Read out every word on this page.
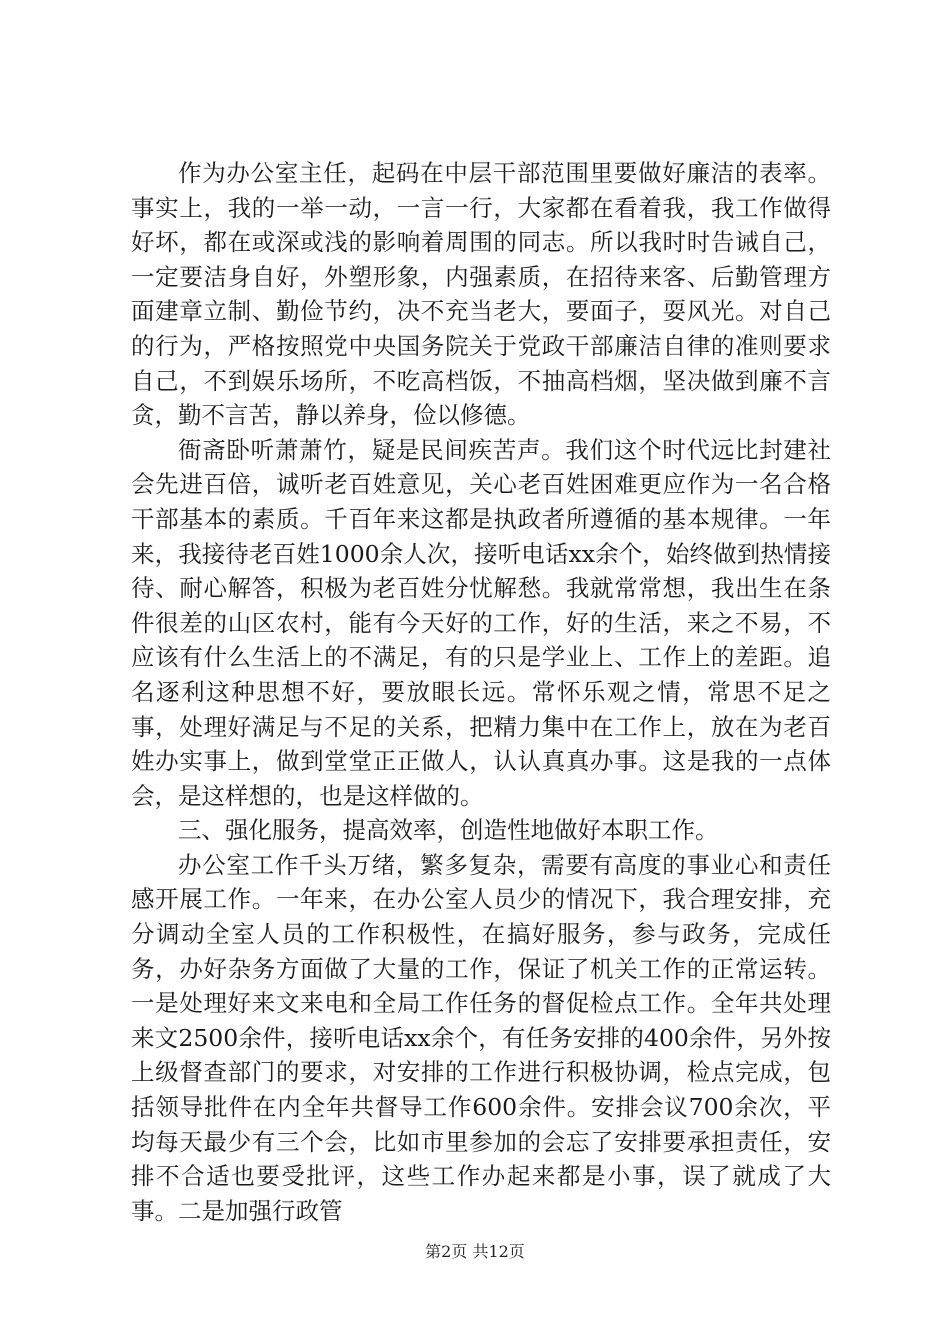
作为办公室主任，起码在中层干部范围里要做好廉洁的表率。事实上，我的一举一动，一言一行，大家都在看着我，我工作做得好坏，都在或深或浅的影响着周围的同志。所以我时时告诫自己，一定要洁身自好，外塑形象，内强素质，在招待来客、后勤管理方面建章立制、勤俭节约，决不充当老大，要面子，耍风光。对自己的行为，严格按照党中央国务院关于党政干部廉洁自律的准则要求自己，不到娱乐场所，不吃高档饭，不抽高档烟，坚决做到廉不言贪，勤不言苦，静以养身，俭以修德。

衙斋卧听萧萧竹，疑是民间疾苦声。我们这个时代远比封建社会先进百倍，诚听老百姓意见，关心老百姓困难更应作为一名合格干部基本的素质。千百年来这都是执政者所遵循的基本规律。一年来，我接待老百姓1000余人次，接听电话xx余个，始终做到热情接待、耐心解答，积极为老百姓分忧解愁。我就常常想，我出生在条件很差的山区农村，能有今天好的工作，好的生活，来之不易，不应该有什么生活上的不满足，有的只是学业上、工作上的差距。追名逐利这种思想不好，要放眼长远。常怀乐观之情，常思不足之事，处理好满足与不足的关系，把精力集中在工作上，放在为老百姓办实事上，做到堂堂正正做人，认认真真办事。这是我的一点体会，是这样想的，也是这样做的。

三、强化服务，提高效率，创造性地做好本职工作。

办公室工作千头万绪，繁多复杂，需要有高度的事业心和责任感开展工作。一年来，在办公室人员少的情况下，我合理安排，充分调动全室人员的工作积极性，在搞好服务，参与政务，完成任务，办好杂务方面做了大量的工作，保证了机关工作的正常运转。一是处理好来文来电和全局工作任务的督促检点工作。全年共处理来文2500余件，接听电话xx余个，有任务安排的400余件，另外按上级督查部门的要求，对安排的工作进行积极协调，检点完成，包括领导批件在内全年共督导工作600余件。安排会议700余次，平均每天最少有三个会，比如市里参加的会忘了安排要承担责任，安排不合适也要受批评，这些工作办起来都是小事，误了就成了大事。二是加强行政管

第2页 共12页
